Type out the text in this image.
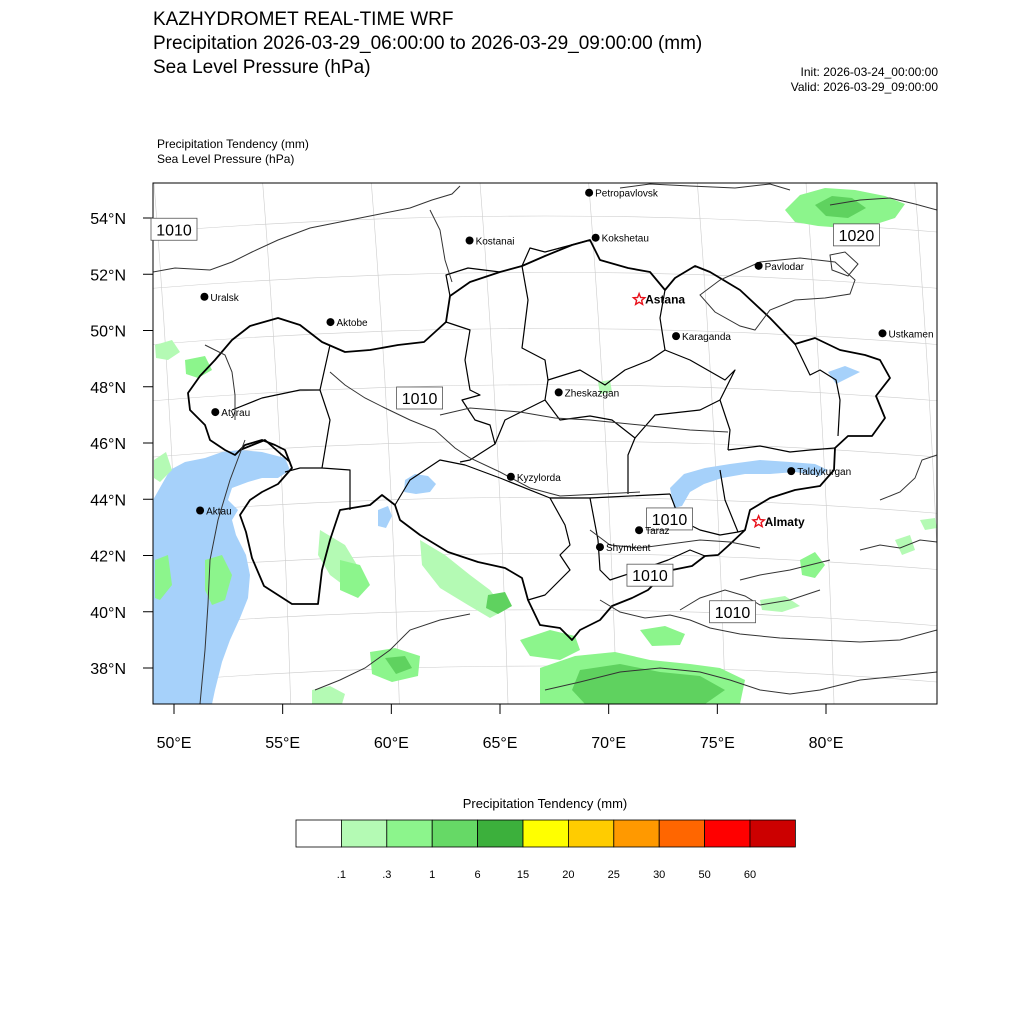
KAZHYDROMET REAL-TIME WRF
Precipitation 2026-03-29_06:00:00 to 2026-03-29_09:00:00 (mm)
Sea Level Pressure (hPa)	Init: 2026-03-24_00:00:00
Valid: 2026-03-29_09:00:00
Precipitation Tendency (mm)
Sea Level Pressure (hPa)
54°N
52°N
50°N
48°N
46°N
44°N
42°N
40°N
38°N
50°E	55°E	60°E	65°E	70°E	75°E	80°E
1010	1020
1010
1010
1010
1010
Petropavlovsk
Kostanai	Kokshetau
Pavlodar
Uralsk	Astana
Ustkamen
Aktobe
Karaganda
Atyrau
Zheskazgan
Aktau
Taldykurgan
Kyzylorda
Almaty
Taraz
Shymkent
.1	.3	1	6	15	20	25	30	50	60
Precipitation Tendency (mm)
